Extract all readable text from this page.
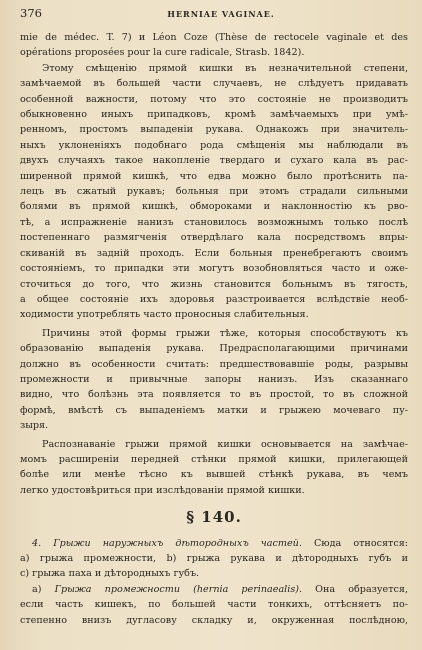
376	HERNIAE VAGINAE.
mie de médec. T. 7) и Léon Coze (Thèse de rectocele vaginale et des
opérations proposées pour la cure radicale, Strasb. 1842).
Этому смѣщенію прямой кишки въ незначительной степени,
замѣчаемой въ большей части случаевъ, не слѣдуетъ придавать
особенной важности, потому что это состояніе не производитъ
обыкновенно иныхъ припадковъ, кромѣ замѣчаемыхъ при умѣ-
ренномъ, простомъ выпаденіи рукава. Однакожъ при значитель-
ныхъ уклоненіяхъ подобнаго рода смѣщенія мы наблюдали въ
двухъ случаяхъ такое накопленіе твердаго и сухаго кала въ рас-
ширенной прямой кишкѣ, что едва можно было протѣснить па-
лецъ въ сжатый рукавъ; больныя при этомъ страдали сильными
болями въ прямой кишкѣ, обмороками и наклонностію къ рво-
тѣ, а испражненіе нанизъ становилось возможнымъ только послѣ
постепеннаго размягченія отвердѣлаго кала посредствомъ впры-
скиваній въ задній проходъ. Если больныя пренебрегаютъ своимъ
состояніемъ, то припадки эти могутъ возобновляться часто и оже-
сточиться до того, что жизнь становится больнымъ въ тягость,
а общее состояніе ихъ здоровья разстроивается вслѣдствіе необ-
ходимости употреблять часто проносныя слабительныя.
Причины этой формы грыжи тѣже, которыя способствуютъ къ
образованію выпаденія рукава. Предрасполагающими причинами
должно въ особенности считать: предшествовавшіе роды, разрывы
промежности и привычные запоры нанизъ. Изъ сказаннаго
видно, что болѣзнь эта появляется то въ простой, то въ сложной
формѣ, вмѣстѣ съ выпаденіемъ матки и грыжею мочеваго пу-
зыря.
Распознаваніе грыжи прямой кишки основывается на замѣчае-
момъ расширеніи передней стѣнки прямой кишки, прилегающей
болѣе или менѣе тѣсно къ вывшей стѣнкѣ рукава, въ чемъ
легко удостовѣриться при изслѣдованіи прямой кишки.
§ 140.
4. Грыжи наружныхъ дѣтородныхъ частей. Сюда относятся:
а) грыжа промежности, b) грыжа рукава и дѣтородныхъ губъ и
с) грыжа паха и дѣтородныхъ губъ.
а) Грыжа промежности (hernia perinaealis). Она образуется,
если часть кишекъ, по большей части тонкихъ, оттѣсняетъ по-
степенно внизъ дугласову складку и, окруженная послѣдною,
